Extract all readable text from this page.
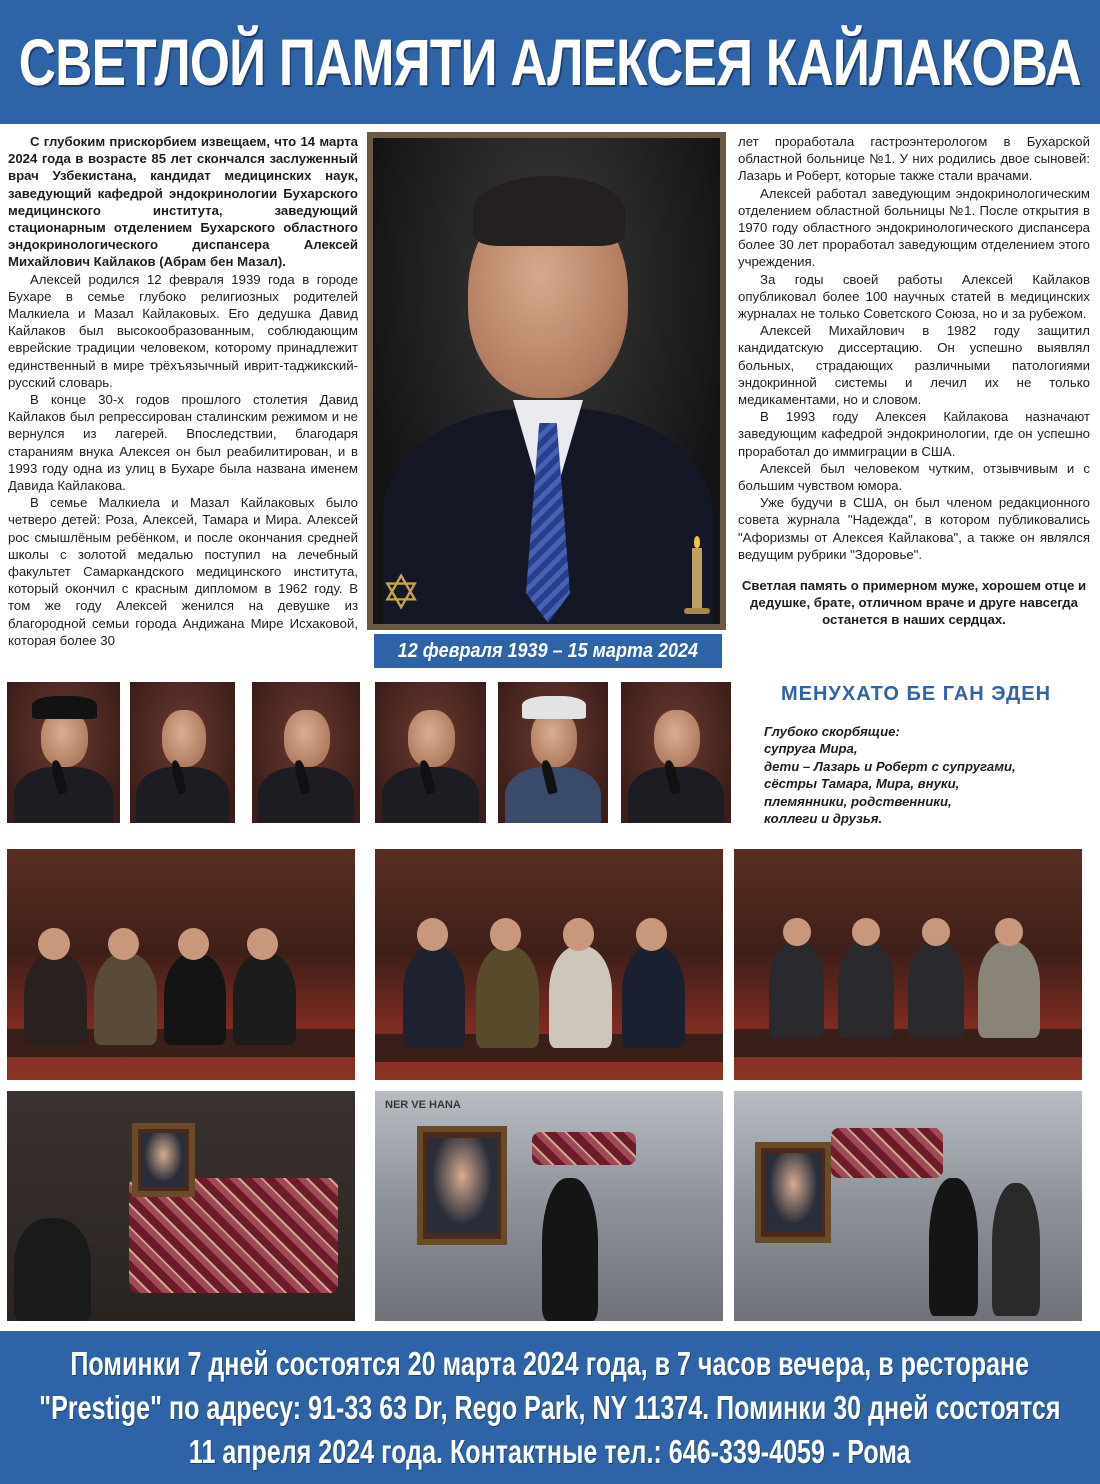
СВЕТЛОЙ ПАМЯТИ АЛЕКСЕЯ КАЙЛАКОВА

С глубоким прискорбием извещаем, что 14 марта 2024 года в возрасте 85 лет скончался заслуженный врач Узбекистана, кандидат медицинских наук, заведующий кафедрой эндокринологии Бухарского медицинского института, заведующий стационарным отделением Бухарского областного эндокринологического диспансера Алексей Михайлович Кайлаков (Абрам бен Мазал).

Алексей родился 12 февраля 1939 года в городе Бухаре в семье глубоко религиозных родителей Малкиела и Мазал Кайлаковых. Его дедушка Давид Кайлаков был высокообразованным, соблюдающим еврейские традиции человеком, которому принадлежит единственный в мире трёхъязычный иврит-таджикский-русский словарь.

В конце 30-х годов прошлого столетия Давид Кайлаков был репрессирован сталинским режимом и не вернулся из лагерей. Впоследствии, благодаря стараниям внука Алексея он был реабилитирован, и в 1993 году одна из улиц в Бухаре была названа именем Давида Кайлакова.

В семье Малкиела и Мазал Кайлаковых было четверо детей: Роза, Алексей, Тамара и Мира. Алексей рос смышлёным ребёнком, и после окончания средней школы с золотой медалью поступил на лечебный факультет Самаркандского медицинского института, который окончил с красным дипломом в 1962 году. В том же году Алексей женился на девушке из благородной семьи города Андижана Мире Исхаковой, которая более 30

✡
12 февраля 1939 – 15 марта 2024

лет проработала гастроэнтерологом в Бухарской областной больнице №1. У них родились двое сыновей: Лазарь и Роберт, которые также стали врачами.

Алексей работал заведующим эндокринологическим отделением областной больницы №1. После открытия в 1970 году областного эндокринологического диспансера более 30 лет проработал заведующим отделением этого учреждения.

За годы своей работы Алексей Кайлаков опубликовал более 100 научных статей в медицинских журналах не только Советского Союза, но и за рубежом.

Алексей Михайлович в 1982 году защитил кандидатскую диссертацию. Он успешно выявлял больных, страдающих различными патологиями эндокринной системы и лечил их не только медикаментами, но и словом.

В 1993 году Алексея Кайлакова назначают заведующим кафедрой эндокринологии, где он успешно проработал до иммиграции в США.

Алексей был человеком чутким, отзывчивым и с большим чувством юмора.

Уже будучи в США, он был членом редакционного совета журнала "Надежда", в котором публиковались "Афоризмы от Алексея Кайлакова", а также он являлся ведущим рубрики "Здоровье".

Светлая память о примерном муже, хорошем отце и дедушке, брате, отличном враче и друге навсегда останется в наших сердцах.

МЕНУХАТО БЕ ГАН ЭДЕН
Глубоко скорбящие:
супруга Мира,
дети – Лазарь и Роберт с супругами,
сёстры Тамара, Мира, внуки,
племянники, родственники,
коллеги и друзья.
NER VE HANA
Поминки 7 дней состоятся 20 марта 2024 года, в 7 часов вечера, в ресторане
"Prestige" по адресу: 91-33 63 Dr, Rego Park, NY 11374. Поминки 30 дней состоятся
11 апреля 2024 года. Контактные тел.: 646-339-4059 - Рома
